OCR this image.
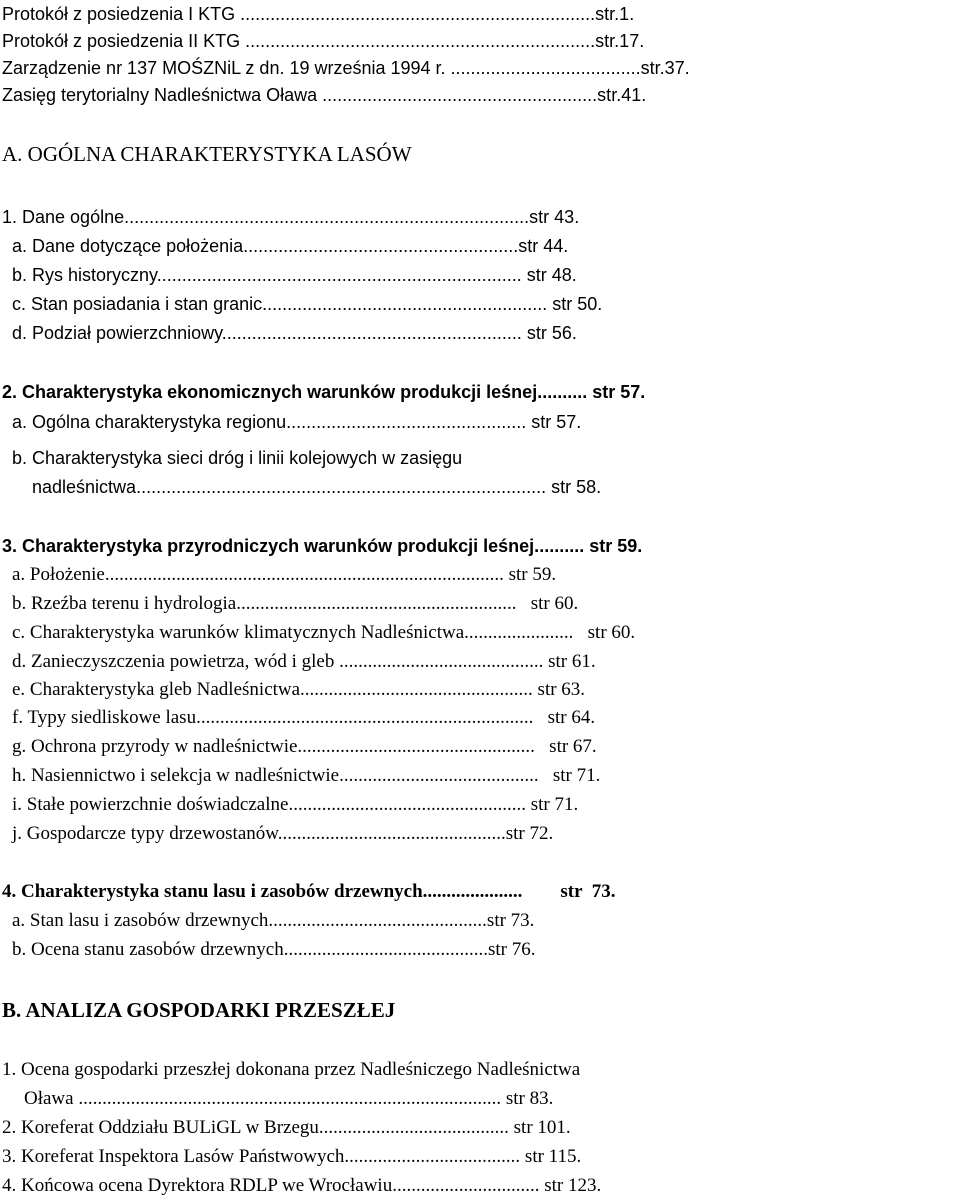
Protokół z posiedzenia I KTG .......................................................................str.1.
Protokół z posiedzenia II KTG ......................................................................str.17.
Zarządzenie nr 137 MOŚZNiL z dn. 19 września 1994 r. ......................................str.37.
Zasięg terytorialny Nadleśnictwa Oława .......................................................str.41.
A. OGÓLNA CHARAKTERYSTYKA LASÓW
1. Dane ogólne.................................................................................str 43.
a. Dane dotyczące położenia.......................................................str 44.
b. Rys historyczny......................................................................... str 48.
c. Stan posiadania i stan granic......................................................... str 50.
d. Podział powierzchniowy............................................................ str 56.
2. Charakterystyka ekonomicznych warunków produkcji leśnej.......... str 57.
a. Ogólna charakterystyka regionu................................................ str 57.
b. Charakterystyka sieci dróg i linii kolejowych w zasięgu
nadleśnictwa.................................................................................. str 58.
3. Charakterystyka przyrodniczych warunków produkcji leśnej.......... str 59.
a. Położenie.................................................................................... str 59.
b. Rzeźba terenu i hydrologia...........................................................   str 60.
c. Charakterystyka warunków klimatycznych Nadleśnictwa.......................   str 60.
d. Zanieczyszczenia powietrza, wód i gleb ........................................... str 61.
e. Charakterystyka gleb Nadleśnictwa................................................. str 63.
f. Typy siedliskowe lasu.......................................................................   str 64.
g. Ochrona przyrody w nadleśnictwie..................................................   str 67.
h. Nasiennictwo i selekcja w nadleśnictwie..........................................   str 71.
i. Stałe powierzchnie doświadczalne.................................................. str 71.
j. Gospodarcze typy drzewostanów................................................str 72.
4. Charakterystyka stanu lasu i zasobów drzewnych.....................        str  73.
a. Stan lasu i zasobów drzewnych..............................................str 73.
b. Ocena stanu zasobów drzewnych...........................................str 76.
B. ANALIZA GOSPODARKI PRZESZŁEJ
1. Ocena gospodarki przeszłej dokonana przez Nadleśniczego Nadleśnictwa
Oława ......................................................................................... str 83.
2. Koreferat Oddziału BULiGL w Brzegu........................................ str 101.
3. Koreferat Inspektora Lasów Państwowych..................................... str 115.
4. Końcowa ocena Dyrektora RDLP we Wrocławiu............................... str 123.
